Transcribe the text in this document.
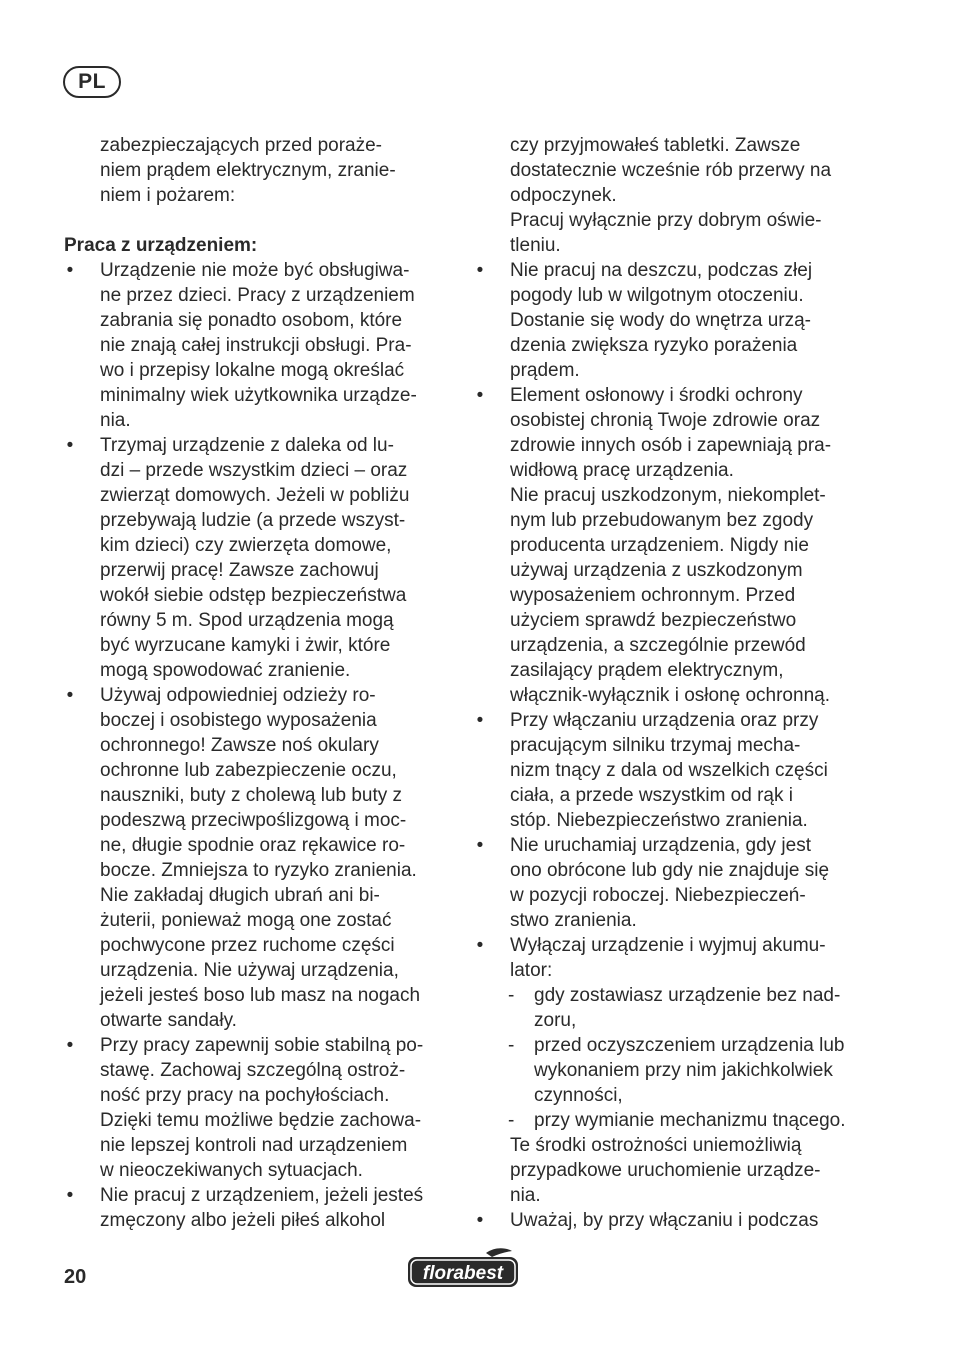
PL
zabezpieczających przed poraże-
niem prądem elektrycznym, zranie-
niem i pożarem:
Praca z urządzeniem:
• Urządzenie nie może być obsługiwa-
ne przez dzieci. Pracy z urządzeniem
zabrania się ponadto osobom, które
nie znają całej instrukcji obsługi. Pra-
wo i przepisy lokalne mogą określać
minimalny wiek użytkownika urządze-
nia.
• Trzymaj urządzenie z daleka od lu-
dzi – przede wszystkim dzieci – oraz
zwierząt domowych. Jeżeli w pobliżu
przebywają ludzie (a przede wszyst-
kim dzieci) czy zwierzęta domowe,
przerwij pracę! Zawsze zachowuj
wokół siebie odstęp bezpieczeństwa
równy 5 m. Spod urządzenia mogą
być wyrzucane kamyki i żwir, które
mogą spowodować zranienie.
• Używaj odpowiedniej odzieży ro-
boczej i osobistego wyposażenia
ochronnego! Zawsze noś okulary
ochronne lub zabezpieczenie oczu,
nauszniki, buty z cholewą lub buty z
podeszwą przeciwpoślizgową i moc-
ne, długie spodnie oraz rękawice ro-
bocze. Zmniejsza to ryzyko zranienia.
Nie zakładaj długich ubrań ani bi-
żuterii, ponieważ mogą one zostać
pochwycone przez ruchome części
urządzenia. Nie używaj urządzenia,
jeżeli jesteś boso lub masz na nogach
otwarte sandały.
• Przy pracy zapewnij sobie stabilną po-
stawę. Zachowaj szczególną ostroż-
ność przy pracy na pochyłościach.
Dzięki temu możliwe będzie zachowa-
nie lepszej kontroli nad urządzeniem
w nieoczekiwanych sytuacjach.
• Nie pracuj z urządzeniem, jeżeli jesteś
zmęczony albo jeżeli piłeś alkohol
czy przyjmowałeś tabletki. Zawsze
dostatecznie wcześnie rób przerwy na
odpoczynek.
Pracuj wyłącznie przy dobrym oświe-
tleniu.
• Nie pracuj na deszczu, podczas złej
pogody lub w wilgotnym otoczeniu.
Dostanie się wody do wnętrza urzą-
dzenia zwiększa ryzyko porażenia
prądem.
• Element osłonowy i środki ochrony
osobistej chronią Twoje zdrowie oraz
zdrowie innych osób i zapewniają pra-
widłową pracę urządzenia.
Nie pracuj uszkodzonym, niekomplet-
nym lub przebudowanym bez zgody
producenta urządzeniem. Nigdy nie
używaj urządzenia z uszkodzonym
wyposażeniem ochronnym. Przed
użyciem sprawdź bezpieczeństwo
urządzenia, a szczególnie przewód
zasilający prądem elektrycznym,
włącznik-wyłącznik i osłonę ochronną.
• Przy włączaniu urządzenia oraz przy
pracującym silniku trzymaj mecha-
nizm tnący z dala od wszelkich części
ciała, a przede wszystkim od rąk i
stóp. Niebezpieczeństwo zranienia.
• Nie uruchamiaj urządzenia, gdy jest
ono obrócone lub gdy nie znajduje się
w pozycji roboczej. Niebezpieczeń-
stwo zranienia.
• Wyłączaj urządzenie i wyjmuj akumu-
lator:
- gdy zostawiasz urządzenie bez nad-
zoru,
- przed oczyszczeniem urządzenia lub
wykonaniem przy nim jakichkolwiek
czynności,
- przy wymianie mechanizmu tnącego.
Te środki ostrożności uniemożliwią
przypadkowe uruchomienie urządze-
nia.
• Uważaj, by przy włączaniu i podczas
20	florabest
